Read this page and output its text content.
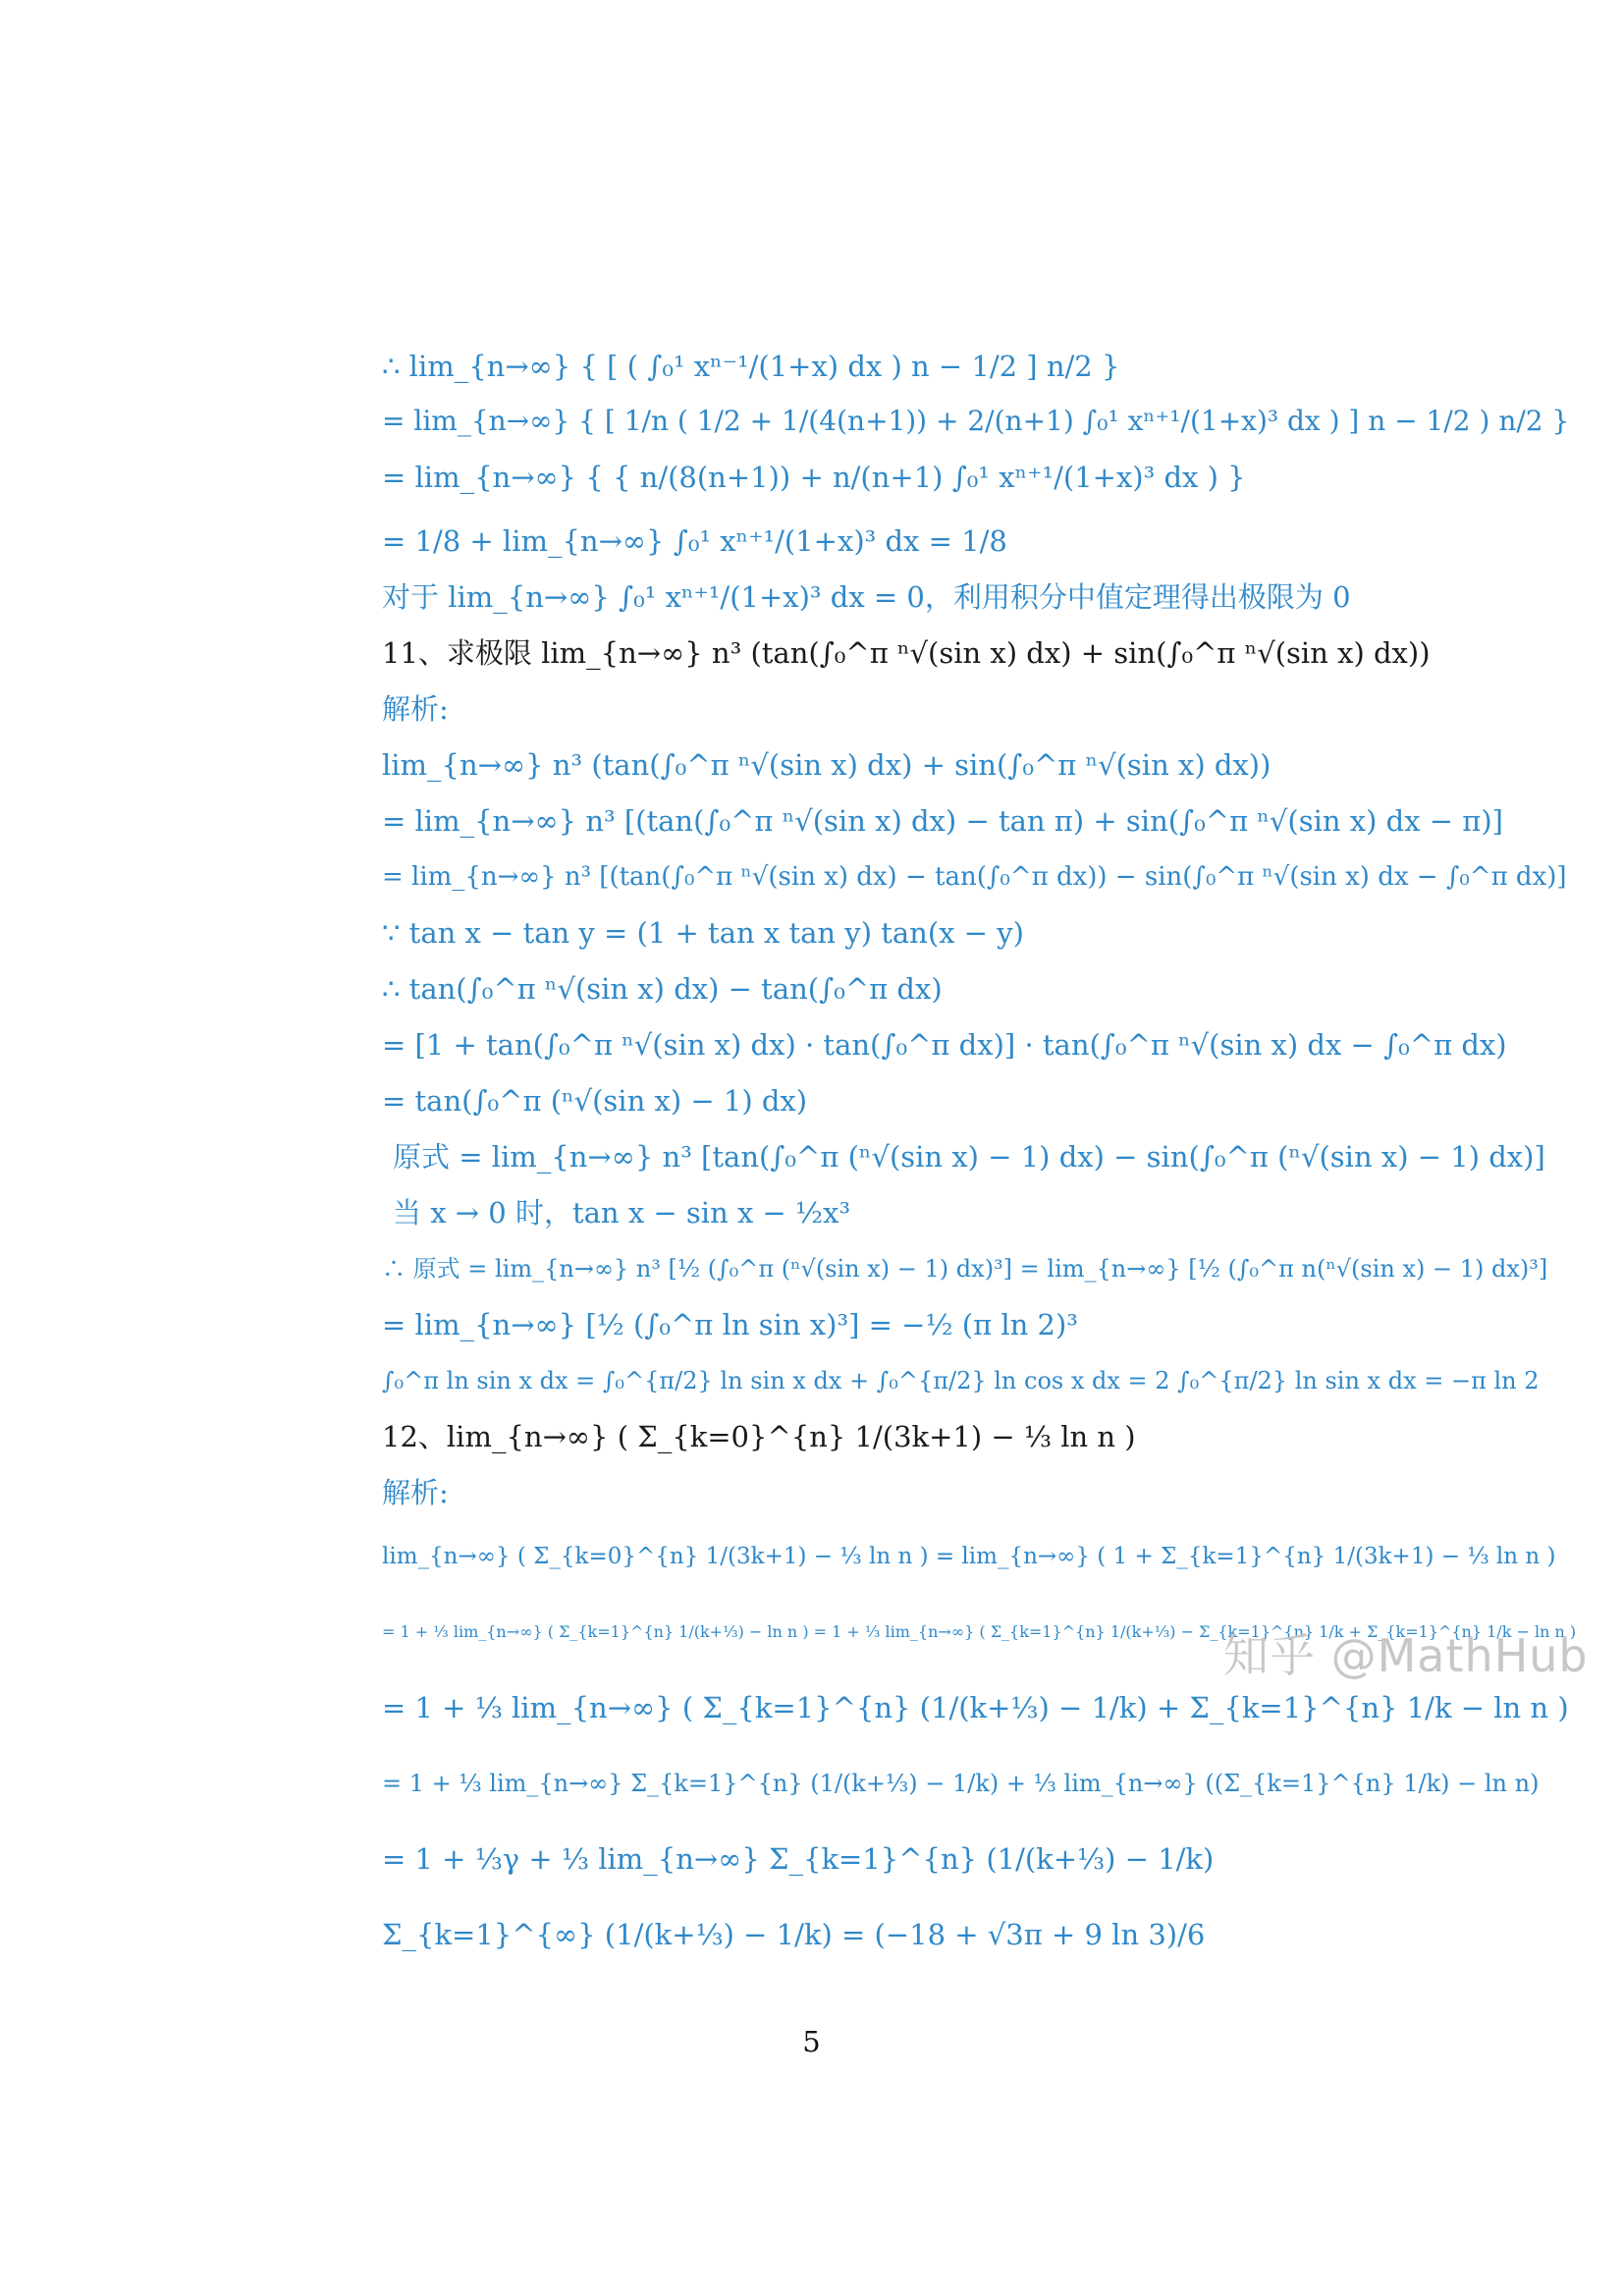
∴ lim_{n→∞} { [ ( ∫₀¹ xⁿ⁻¹/(1+x) dx ) n − 1/2 ] n/2 }
= lim_{n→∞} { [ 1/n ( 1/2 + 1/(4(n+1)) + 2/(n+1) ∫₀¹ xⁿ⁺¹/(1+x)³ dx ) ] n − 1/2 ) n/2 }
= lim_{n→∞} { { n/(8(n+1)) + n/(n+1) ∫₀¹ xⁿ⁺¹/(1+x)³ dx ) }
= 1/8 + lim_{n→∞} ∫₀¹ xⁿ⁺¹/(1+x)³ dx = 1/8
对于 lim_{n→∞} ∫₀¹ xⁿ⁺¹/(1+x)³ dx = 0，利用积分中值定理得出极限为 0
11、求极限 lim_{n→∞} n³ (tan(∫₀^π ⁿ√(sin x) dx) + sin(∫₀^π ⁿ√(sin x) dx))
解析:
lim_{n→∞} n³ (tan(∫₀^π ⁿ√(sin x) dx) + sin(∫₀^π ⁿ√(sin x) dx))
= lim_{n→∞} n³ [(tan(∫₀^π ⁿ√(sin x) dx) − tan π) + sin(∫₀^π ⁿ√(sin x) dx − π)]
= lim_{n→∞} n³ [(tan(∫₀^π ⁿ√(sin x) dx) − tan(∫₀^π dx)) − sin(∫₀^π ⁿ√(sin x) dx − ∫₀^π dx)]
∵ tan x − tan y = (1 + tan x tan y) tan(x − y)
∴ tan(∫₀^π ⁿ√(sin x) dx) − tan(∫₀^π dx)
= [1 + tan(∫₀^π ⁿ√(sin x) dx) · tan(∫₀^π dx)] · tan(∫₀^π ⁿ√(sin x) dx − ∫₀^π dx)
= tan(∫₀^π (ⁿ√(sin x) − 1) dx)
原式 = lim_{n→∞} n³ [tan(∫₀^π (ⁿ√(sin x) − 1) dx) − sin(∫₀^π (ⁿ√(sin x) − 1) dx)]
当 x → 0 时，tan x − sin x − ½x³
∴ 原式 = lim_{n→∞} n³ [½ (∫₀^π (ⁿ√(sin x) − 1) dx)³] = lim_{n→∞} [½ (∫₀^π n(ⁿ√(sin x) − 1) dx)³]
= lim_{n→∞} [½ (∫₀^π ln sin x)³] = −½ (π ln 2)³
∫₀^π ln sin x dx = ∫₀^{π/2} ln sin x dx + ∫₀^{π/2} ln cos x dx = 2 ∫₀^{π/2} ln sin x dx = −π ln 2
12、lim_{n→∞} ( Σ_{k=0}^{n} 1/(3k+1) − ⅓ ln n )
解析:
lim_{n→∞} ( Σ_{k=0}^{n} 1/(3k+1) − ⅓ ln n ) = lim_{n→∞} ( 1 + Σ_{k=1}^{n} 1/(3k+1) − ⅓ ln n )
= 1 + ⅓ lim_{n→∞} ( Σ_{k=1}^{n} 1/(k+⅓) − ln n ) = 1 + ⅓ lim_{n→∞} ( Σ_{k=1}^{n} 1/(k+⅓) − Σ_{k=1}^{n} 1/k + Σ_{k=1}^{n} 1/k − ln n )
= 1 + ⅓ lim_{n→∞} ( Σ_{k=1}^{n} (1/(k+⅓) − 1/k) + Σ_{k=1}^{n} 1/k − ln n )
= 1 + ⅓ lim_{n→∞} Σ_{k=1}^{n} (1/(k+⅓) − 1/k) + ⅓ lim_{n→∞} ((Σ_{k=1}^{n} 1/k) − ln n)
= 1 + ⅓γ + ⅓ lim_{n→∞} Σ_{k=1}^{n} (1/(k+⅓) − 1/k)
Σ_{k=1}^{∞} (1/(k+⅓) − 1/k) = (−18 + √3π + 9 ln 3)/6
5
知乎 @MathHub
